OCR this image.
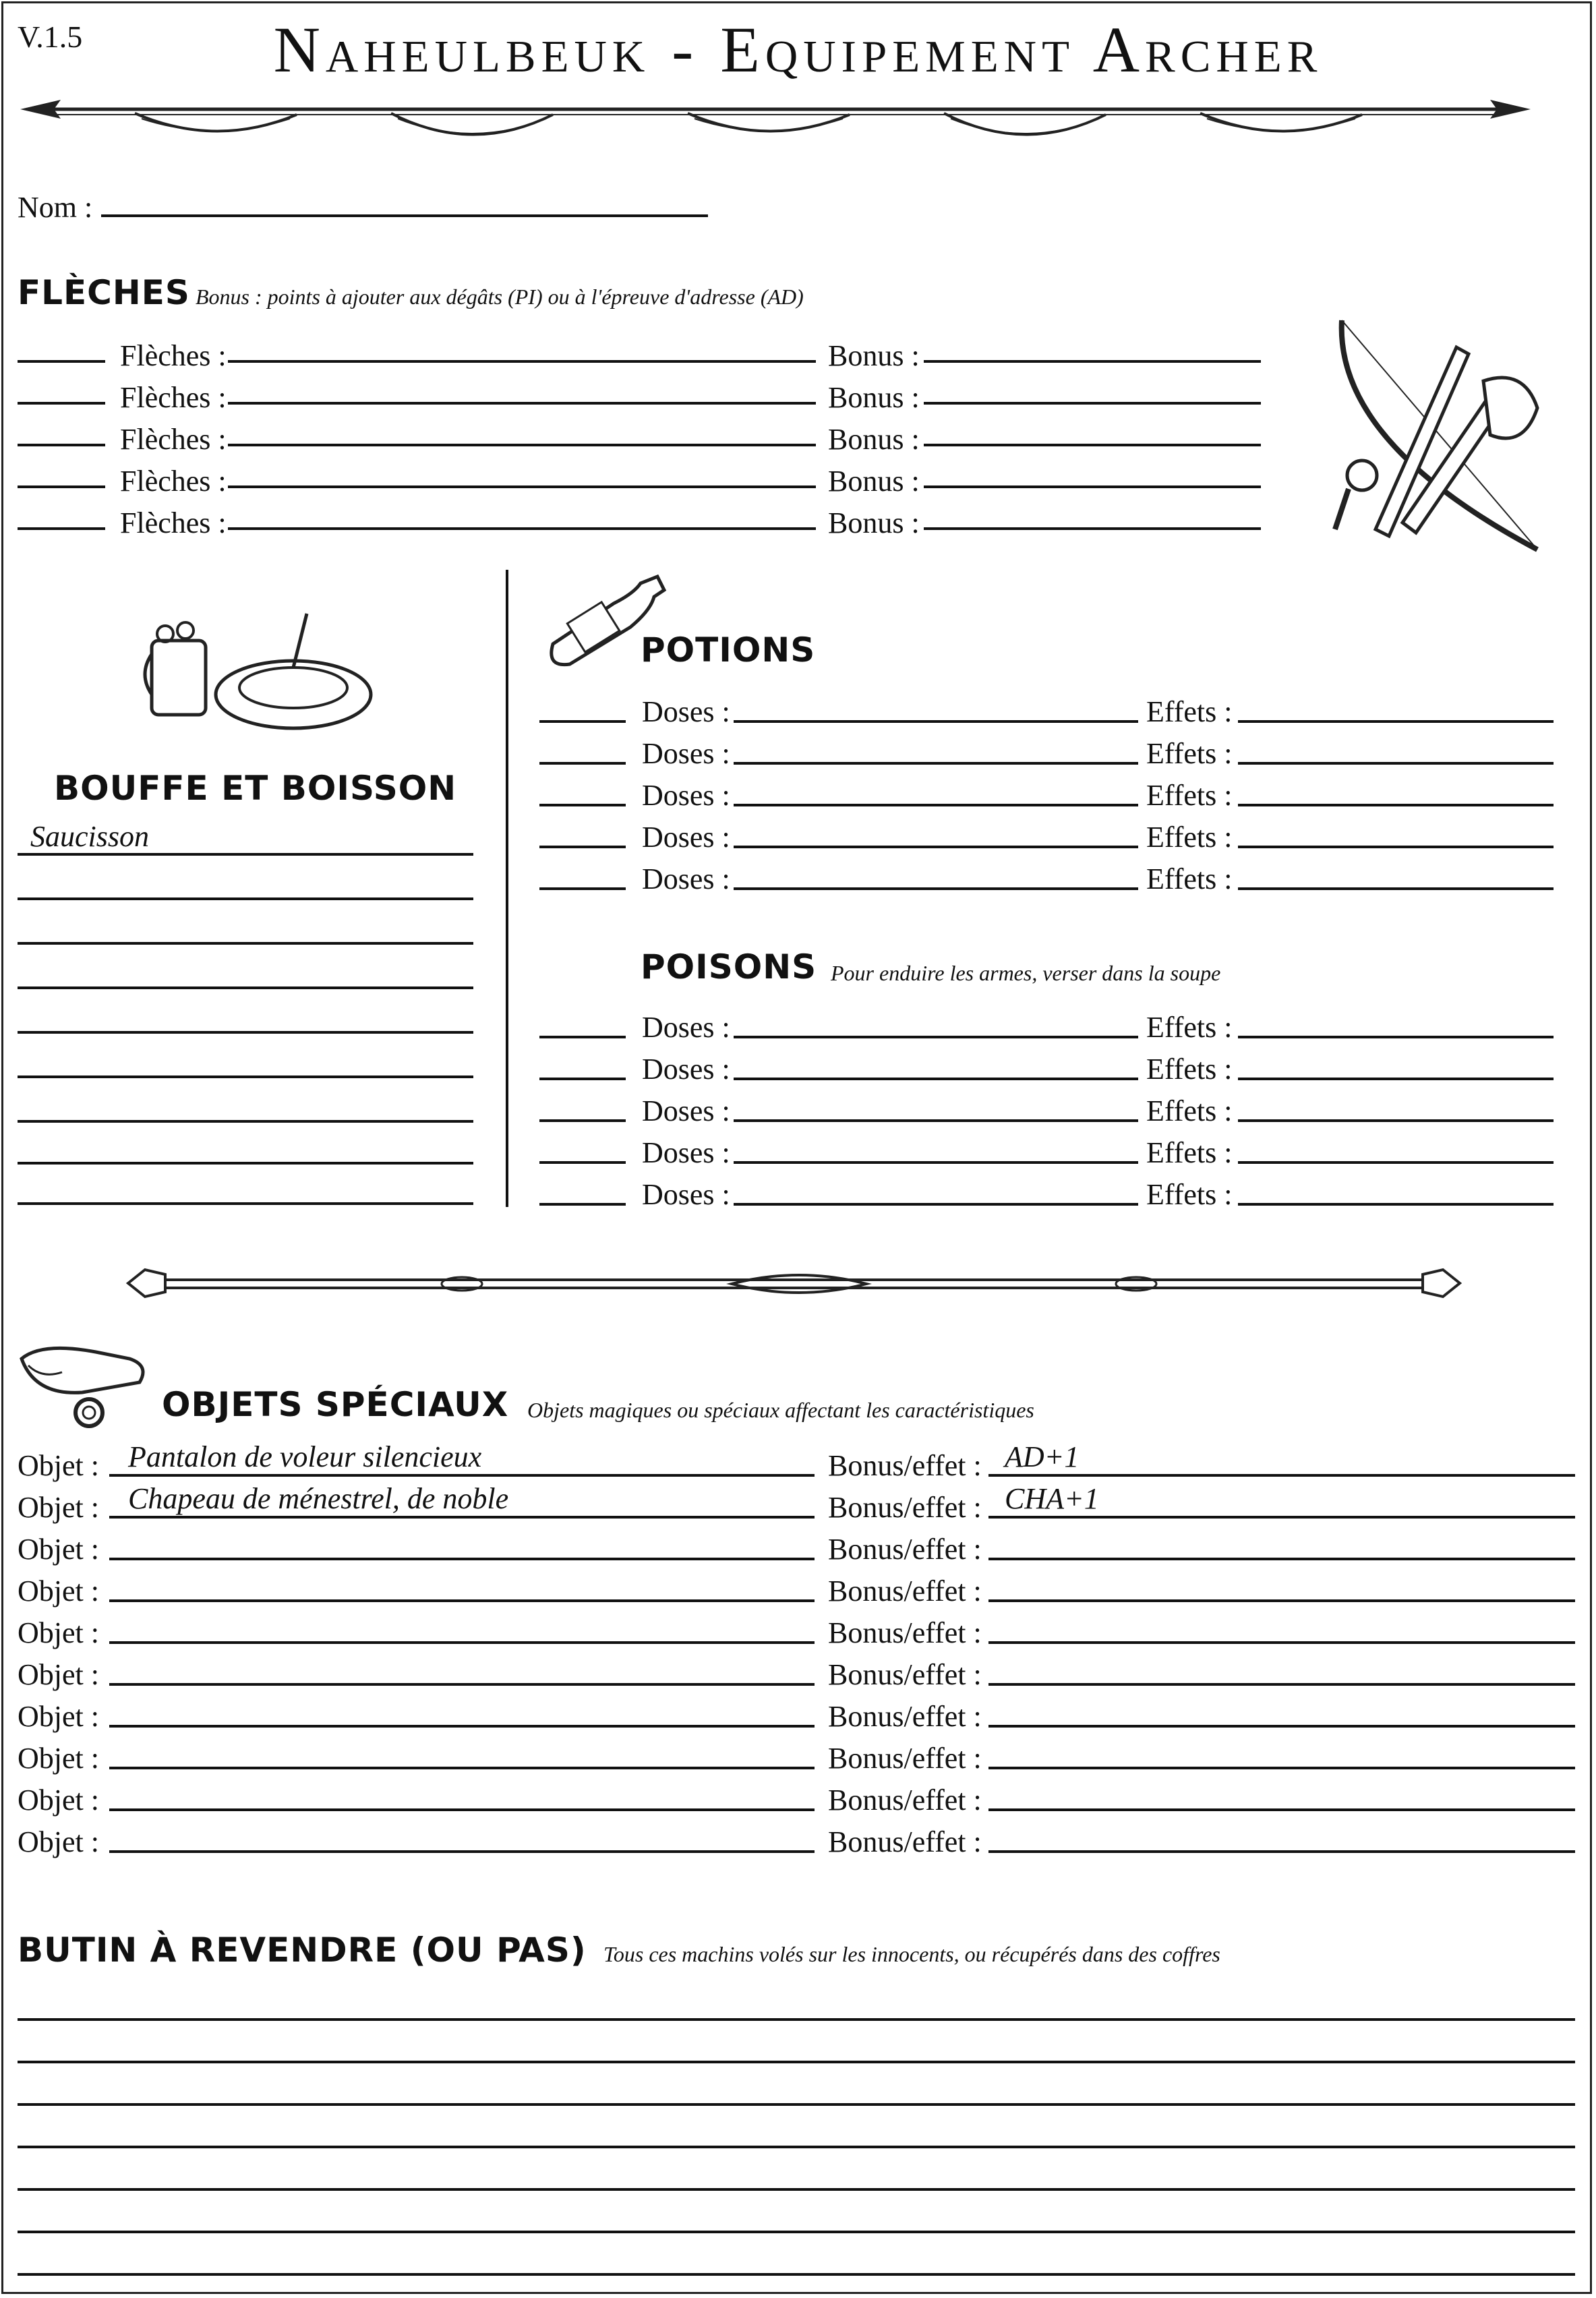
V.1.5	Naheulbeuk - Equipement Archer
Nom :
FLÈCHES Bonus : points à ajouter aux dégâts (PI) ou à l'épreuve d'adresse (AD)
Flèches :	Bonus :
Flèches :	Bonus :
Flèches :	Bonus :
Flèches :	Bonus :
Flèches :	Bonus :
BOUFFE ET BOISSON
Saucisson
POTIONS
Doses :	Effets :
Doses :	Effets :
Doses :	Effets :
Doses :	Effets :
Doses :	Effets :
POISONS Pour enduire les armes, verser dans la soupe
Doses :	Effets :
Doses :	Effets :
Doses :	Effets :
Doses :	Effets :
Doses :	Effets :
OBJETS SPÉCIAUX Objets magiques ou spéciaux affectant les caractéristiques
Objet : Pantalon de voleur silencieux	Bonus/effet : AD+1
Objet : Chapeau de ménestrel, de noble	Bonus/effet : CHA+1
Objet :	Bonus/effet :
Objet :	Bonus/effet :
Objet :	Bonus/effet :
Objet :	Bonus/effet :
Objet :	Bonus/effet :
Objet :	Bonus/effet :
Objet :	Bonus/effet :
Objet :	Bonus/effet :
BUTIN À REVENDRE (OU PAS) Tous ces machins volés sur les innocents, ou récupérés dans des coffres
